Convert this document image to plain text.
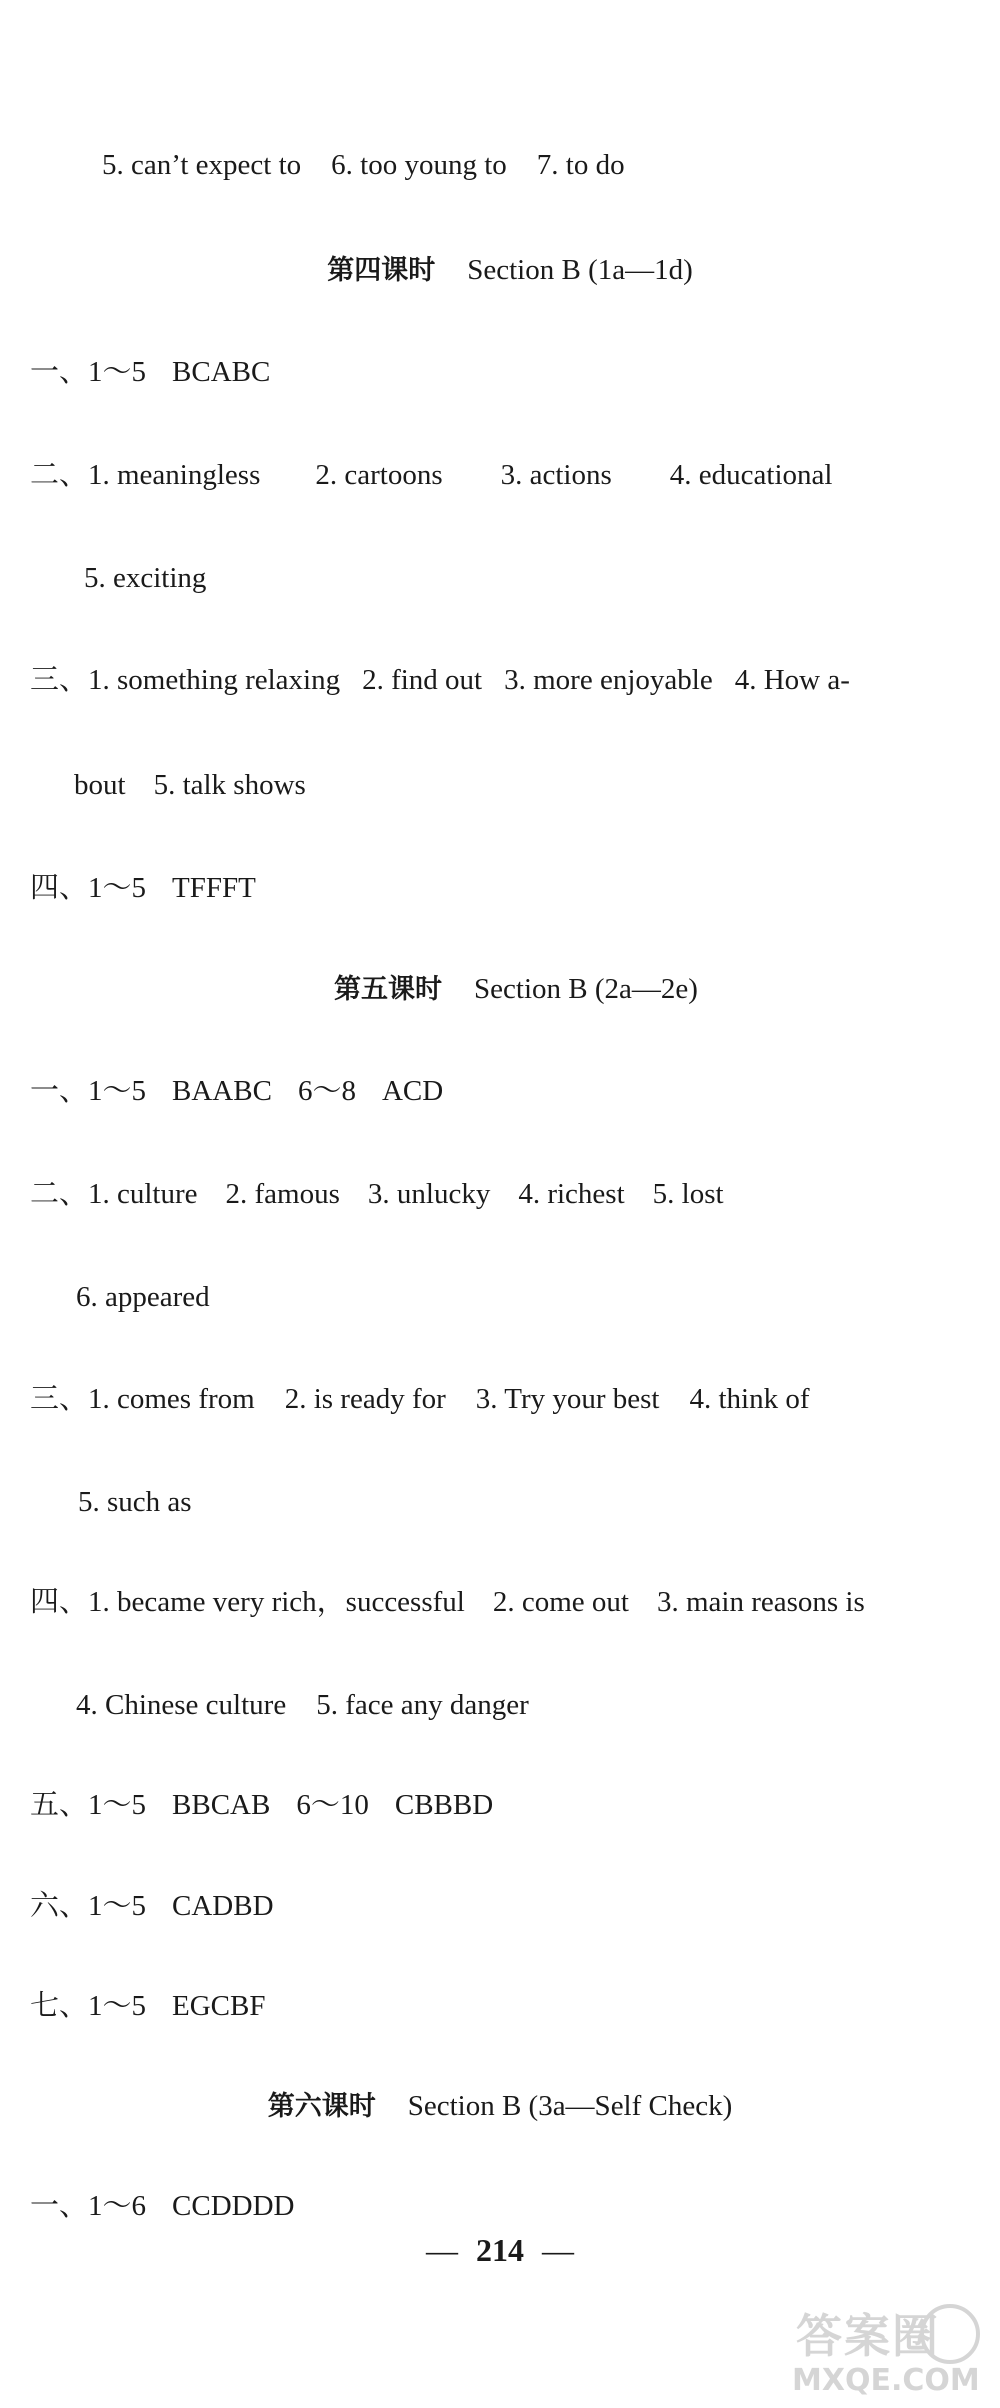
5. can’t expect to 6. too young to 7. to do
第四课时 Section B (1a—1d)
一、1～5 BCABC
二、1. meaningless 2. cartoons 3. actions 4. educational
5. exciting
三、1. something relaxing 2. find out 3. more enjoyable 4. How a-
bout 5. talk shows
四、1～5 TFFFT
第五课时 Section B (2a—2e)
一、1～5 BAABC 6～8 ACD
二、1. culture 2. famous 3. unlucky 4. richest 5. lost
6. appeared
三、1. comes from 2. is ready for 3. Try your best 4. think of
5. such as
四、1. became very rich，successful 2. come out 3. main reasons is
4. Chinese culture 5. face any danger
五、1～5 BBCAB 6～10 CBBBD
六、1～5 CADBD
七、1～5 EGCBF
第六课时 Section B (3a—Self Check)
一、1～6 CCDDDD
— 214 —
答案圈
MXQE.COM
